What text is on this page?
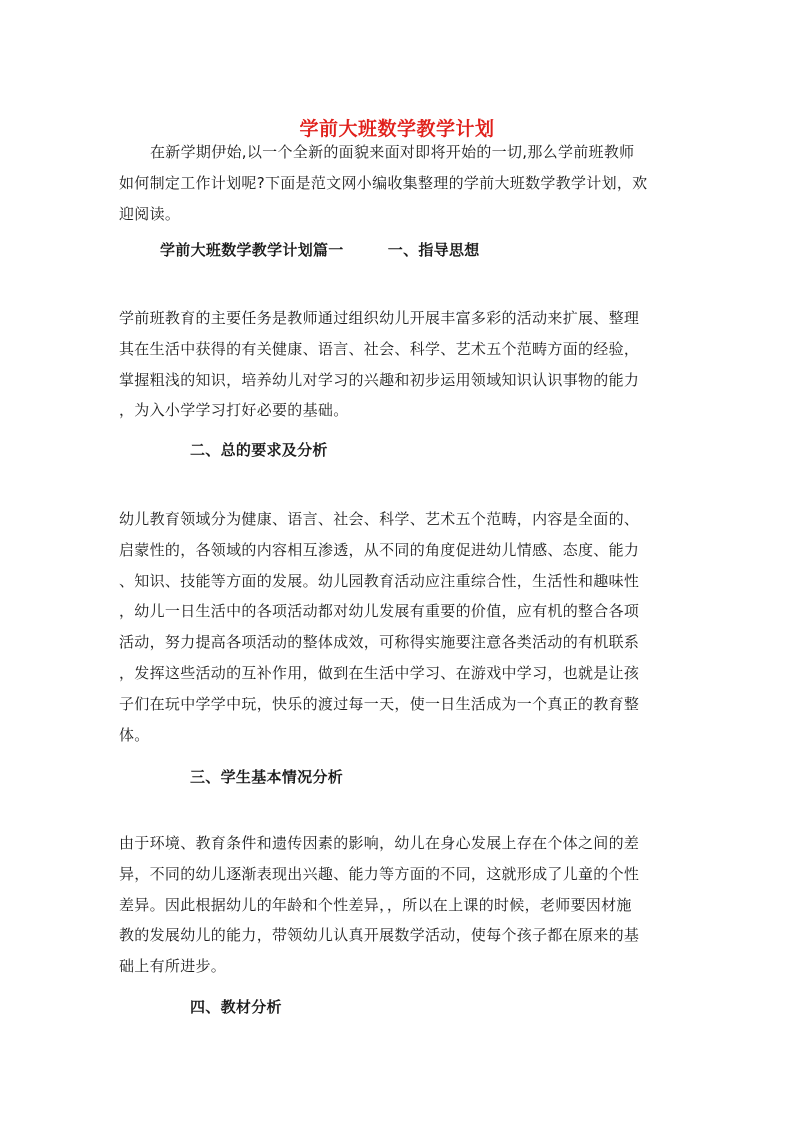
学前大班数学教学计划

在新学期伊始,以一个全新的面貌来面对即将开始的一切,那么学前班教师
如何制定工作计划呢?下面是范文网小编收集整理的学前大班数学教学计划，欢
迎阅读。

学前大班数学教学计划篇一        一、指导思想
学前班教育的主要任务是教师通过组织幼儿开展丰富多彩的活动来扩展、整理
其在生活中获得的有关健康、语言、社会、科学、艺术五个范畴方面的经验，
掌握粗浅的知识，培养幼儿对学习的兴趣和初步运用领域知识认识事物的能力
，为入小学学习打好必要的基础。
二、总的要求及分析
幼儿教育领域分为健康、语言、社会、科学、艺术五个范畴，内容是全面的、
启蒙性的，各领域的内容相互渗透，从不同的角度促进幼儿情感、态度、能力
、知识、技能等方面的发展。幼儿园教育活动应注重综合性，生活性和趣味性
，幼儿一日生活中的各项活动都对幼儿发展有重要的价值，应有机的整合各项
活动，努力提高各项活动的整体成效，可称得实施要注意各类活动的有机联系
，发挥这些活动的互补作用，做到在生活中学习、在游戏中学习，也就是让孩
子们在玩中学学中玩，快乐的渡过每一天，使一日生活成为一个真正的教育整
体。
三、学生基本情况分析
由于环境、教育条件和遗传因素的影响，幼儿在身心发展上存在个体之间的差
异，不同的幼儿逐渐表现出兴趣、能力等方面的不同，这就形成了儿童的个性
差异。因此根据幼儿的年龄和个性差异，，所以在上课的时候，老师要因材施
教的发展幼儿的能力，带领幼儿认真开展数学活动，使每个孩子都在原来的基
础上有所进步。
四、教材分析
